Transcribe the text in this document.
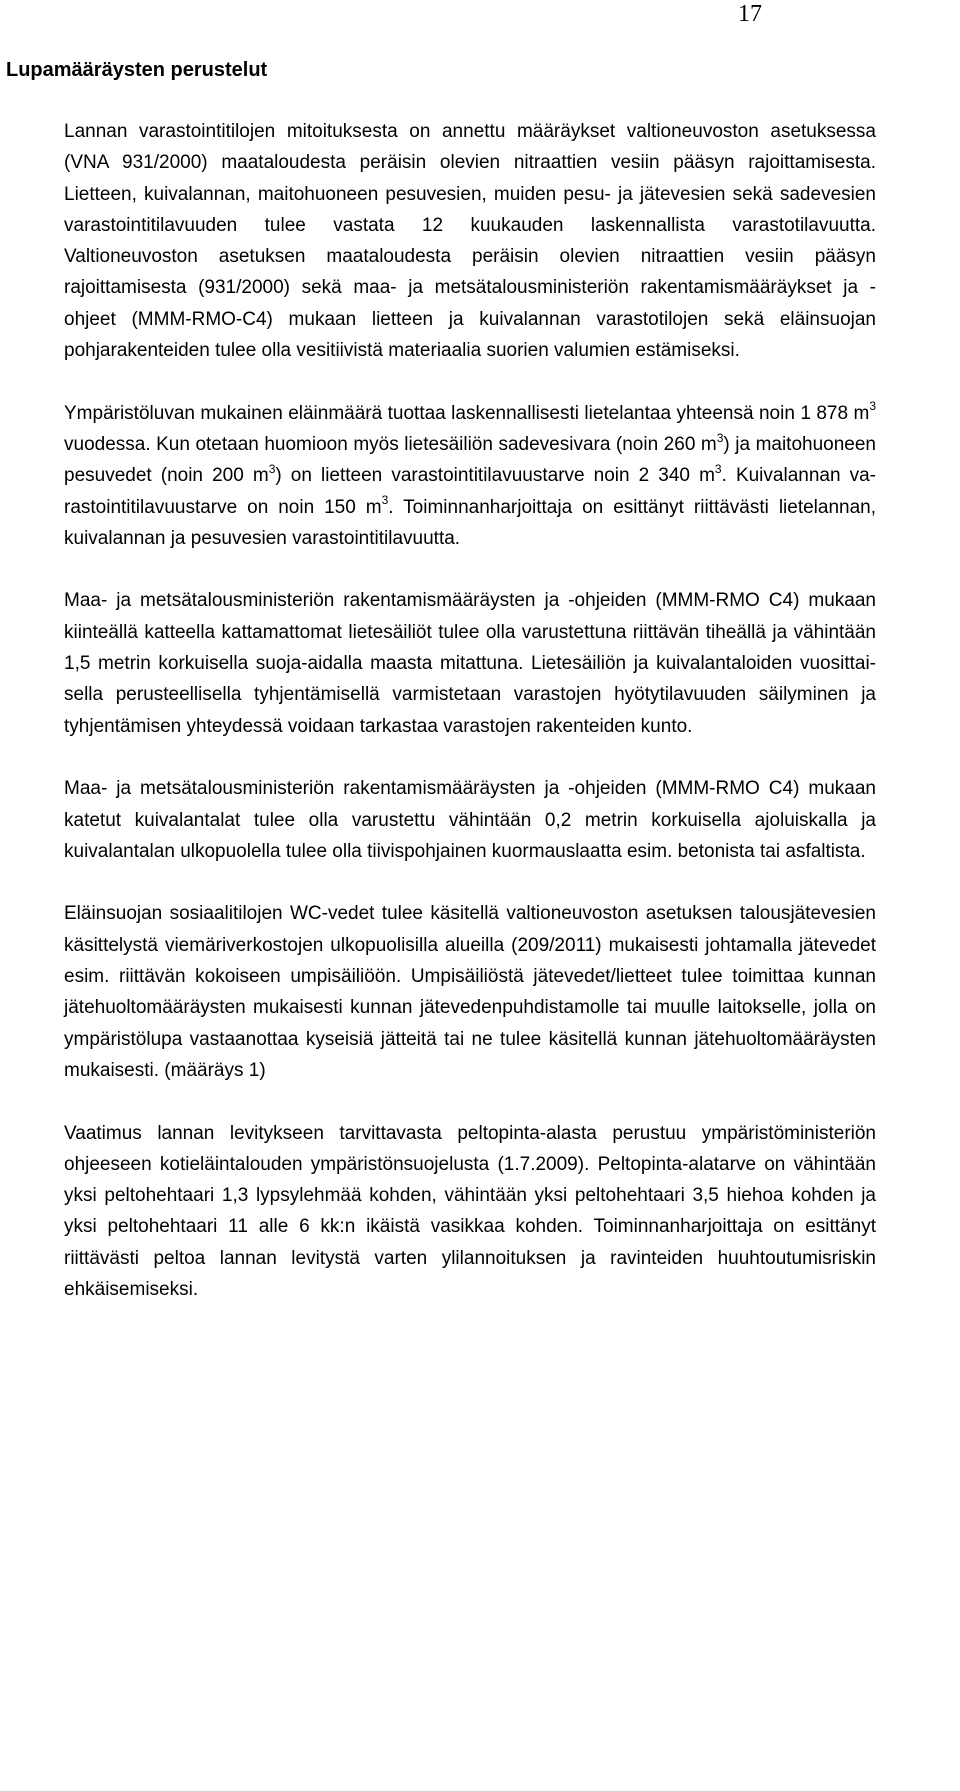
17
Lupamääräysten perustelut

Lannan varastointitilojen mitoituksesta on annettu määräykset valtioneuvoston asetuksessa (VNA 931/2000) maataloudesta peräisin olevien nitraattien vesiin pääsyn rajoittamisesta. Lietteen, kuivalannan, maitohuoneen pesuvesien, muiden pesu- ja jätevesien sekä sadevesien varastointitilavuuden tulee vastata 12 kuukauden laskennallista varastotilavuutta. Valtioneuvoston asetuksen maataloudesta peräisin olevien nitraattien vesiin pääsyn rajoittamisesta (931/2000) sekä maa- ja metsätalousministeriön rakentamismääräykset ja - ohjeet (MMM-RMO-C4) mukaan lietteen ja kuivalannan varastotilojen sekä eläinsuojan pohjarakenteiden tulee olla vesitiivistä materiaalia suorien valumien estämiseksi.

Ympäristöluvan mukainen eläinmäärä tuottaa laskennallisesti lietelantaa yhteensä noin 1 878 $m^3$ vuodessa. Kun otetaan huomioon myös lietesäiliön sadevesivara (noin 260 $m^3$) ja maitohuoneen pesuvedet (noin 200 $m^3$) on lietteen varastointitilavuustarve noin 2 340 $m^3$. Kuivalannan varastointitilavuustarve on noin 150 $m^3$. Toiminnanharjoittaja on esittänyt riittävästi lietelannan, kuivalannan ja pesuvesien varastointitilavuutta.

Maa- ja metsätalousministeriön rakentamismääräysten ja -ohjeiden (MMM-RMO C4) mukaan kiinteällä katteella kattamattomat lietesäiliöt tulee olla varustettuna riittävän tiheällä ja vähintään 1,5 metrin korkuisella suoja-aidalla maasta mitattuna. Lietesäiliön ja kuivalantaloiden vuosittaisella perusteellisella tyhjentämisellä varmistetaan varastojen hyötytilavuuden säilyminen ja tyhjentämisen yhteydessä voidaan tarkastaa varastojen rakenteiden kunto.

Maa- ja metsätalousministeriön rakentamismääräysten ja -ohjeiden (MMM-RMO C4) mukaan katetut kuivalantalat tulee olla varustettu vähintään 0,2 metrin korkuisella ajoluiskalla ja kuivalantalan ulkopuolella tulee olla tiivispohjainen kuormauslaatta esim. betonista tai asfaltista.

Eläinsuojan sosiaalitilojen WC-vedet tulee käsitellä valtioneuvoston asetuksen talousjätevesien käsittelystä viemäriverkostojen ulkopuolisilla alueilla (209/2011) mukaisesti johtamalla jätevedet esim. riittävän kokoiseen umpisäiliöön. Umpisäiliöstä jätevedet/lietteet tulee toimittaa kunnan jätehuoltomääräysten mukaisesti kunnan jätevedenpuhdistamolle tai muulle laitokselle, jolla on ympäristölupa vastaanottaa kyseisiä jätteitä tai ne tulee käsitellä kunnan jätehuoltomääräysten mukaisesti. (määräys 1)

Vaatimus lannan levitykseen tarvittavasta peltopinta-alasta perustuu ympäristöministeriön ohjeeseen kotieläintalouden ympäristönsuojelusta (1.7.2009). Peltopinta-alatarve on vähintään yksi peltohehtaari 1,3 lypsylehmää kohden, vähintään yksi peltohehtaari 3,5 hiehoa kohden ja yksi peltohehtaari 11 alle 6 kk:n ikäistä vasikkaa kohden. Toiminnanharjoittaja on esittänyt riittävästi peltoa lannan levitystä varten ylilannoituksen ja ravinteiden huuhtoutumisriskin ehkäisemiseksi.
